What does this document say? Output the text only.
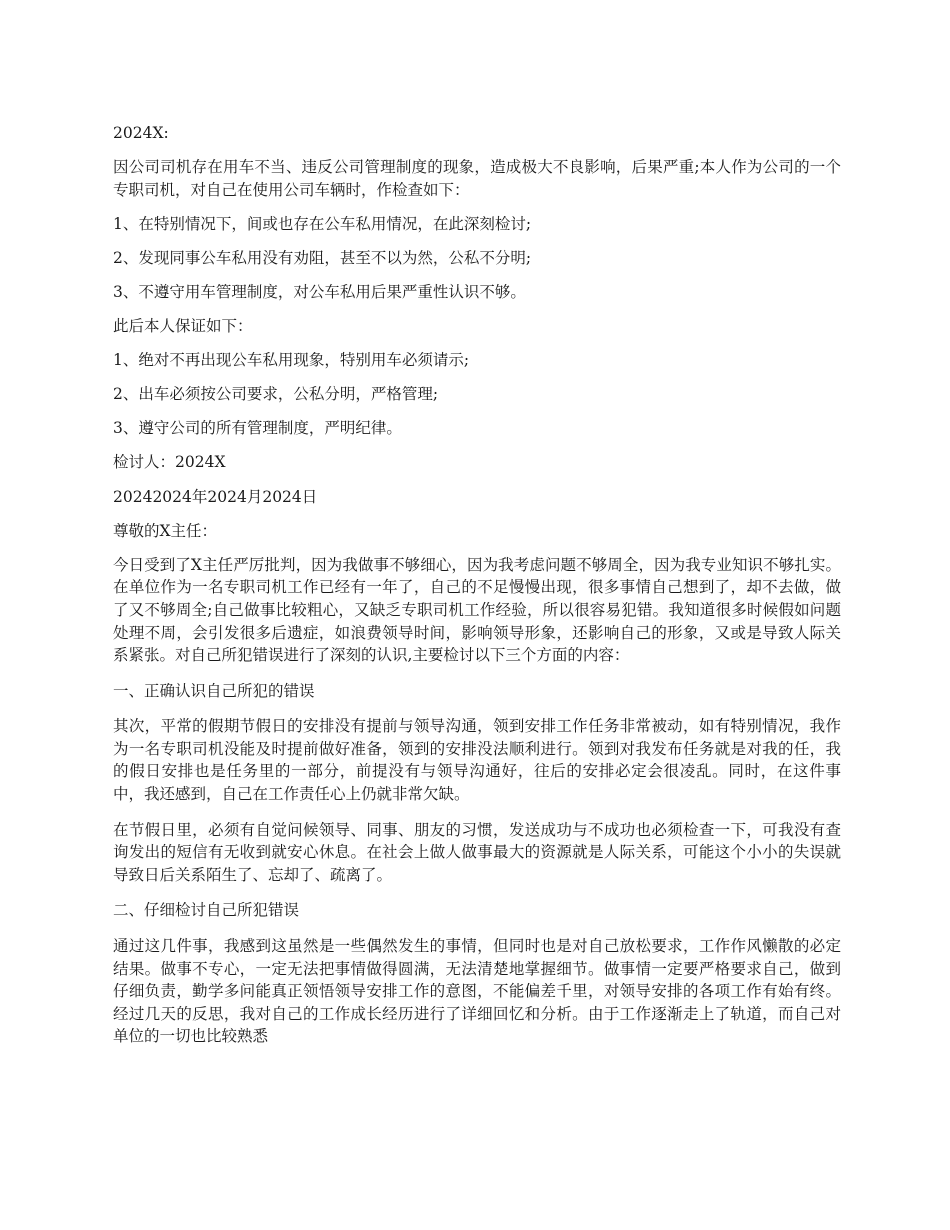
2024X:

因公司司机存在用车不当、违反公司管理制度的现象，造成极大不良影响，后果严重;本人作为公司的一个专职司机，对自己在使用公司车辆时，作检查如下：

1、在特别情况下，间或也存在公车私用情况，在此深刻检讨;

2、发现同事公车私用没有劝阻，甚至不以为然，公私不分明;

3、不遵守用车管理制度，对公车私用后果严重性认识不够。

此后本人保证如下：

1、绝对不再出现公车私用现象，特别用车必须请示;

2、出车必须按公司要求，公私分明，严格管理;

3、遵守公司的所有管理制度，严明纪律。

检讨人：2024X

20242024年2024月2024日

尊敬的X主任：

今日受到了X主任严厉批判，因为我做事不够细心，因为我考虑问题不够周全，因为我专业知识不够扎实。 在单位作为一名专职司机工作已经有一年了，自己的不足慢慢出现，很多事情自己想到了，却不去做，做了又不够周全;自己做事比较粗心，又缺乏专职司机工作经验，所以很容易犯错。我知道很多时候假如问题处理不周，会引发很多后遗症，如浪费领导时间，影响领导形象，还影响自己的形象，又或是导致人际关系紧张。对自己所犯错误进行了深刻的认识,主要检讨以下三个方面的内容：

一、正确认识自己所犯的错误

其次，平常的假期节假日的安排没有提前与领导沟通，领到安排工作任务非常被动，如有特别情况，我作为一名专职司机没能及时提前做好准备，领到的安排没法顺利进行。领到对我发布任务就是对我的任，我的假日安排也是任务里的一部分，前提没有与领导沟通好，往后的安排必定会很凌乱。同时，在这件事中，我还感到，自己在工作责任心上仍就非常欠缺。

在节假日里，必须有自觉问候领导、同事、朋友的习惯，发送成功与不成功也必须检查一下，可我没有查询发出的短信有无收到就安心休息。在社会上做人做事最大的资源就是人际关系，可能这个小小的失误就导致日后关系陌生了、忘却了、疏离了。

二、仔细检讨自己所犯错误

通过这几件事，我感到这虽然是一些偶然发生的事情，但同时也是对自己放松要求，工作作风懒散的必定结果。做事不专心，一定无法把事情做得圆满，无法清楚地掌握细节。做事情一定要严格要求自己，做到仔细负责，勤学多问能真正领悟领导安排工作的意图，不能偏差千里，对领导安排的各项工作有始有终。经过几天的反思，我对自己的工作成长经历进行了详细回忆和分析。由于工作逐渐走上了轨道，而自己对单位的一切也比较熟悉
